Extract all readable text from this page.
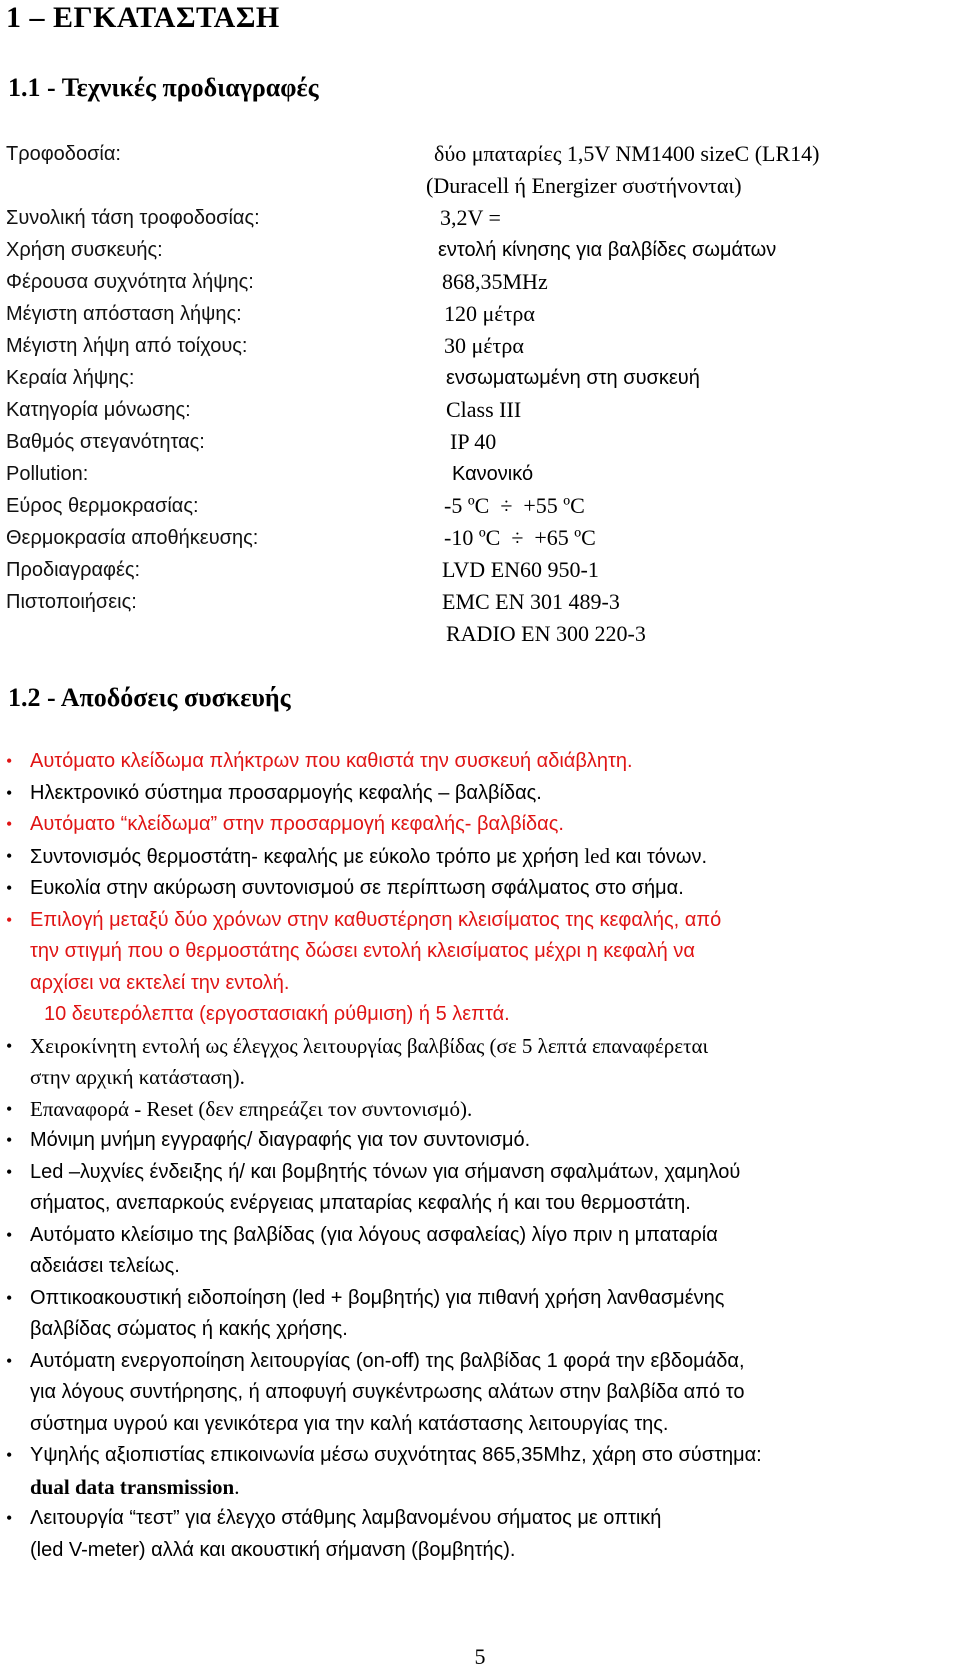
1 – ΕΓΚΑΤΑΣΤΑΣΗ
1.1 - Τεχνικές προδιαγραφές
Τροφοδοσία:	δύο μπαταρίες 1,5V NM1400 sizeC (LR14)
(Duracell ή Energizer συστήνονται)
Συνολική τάση τροφοδοσίας:	3,2V =
Χρήση συσκευής:	εντολή κίνησης για βαλβίδες σωμάτων
Φέρουσα συχνότητα λήψης:	868,35MHz
Μέγιστη απόσταση λήψης:	120 μέτρα
Μέγιστη λήψη από τοίχους:	30 μέτρα
Κεραία λήψης:	ενσωματωμένη στη συσκευή
Κατηγορία μόνωσης:	Class III
Βαθμός στεγανότητας:	IP 40
Pollution:	Κανονικό
Εύρος θερμοκρασίας:	-5 ºC  ÷  +55 ºC
Θερμοκρασία αποθήκευσης:	-10 ºC  ÷  +65 ºC
Προδιαγραφές:	LVD EN60 950-1
Πιστοποιήσεις:	EMC EN 301 489-3
RADIO EN 300 220-3
1.2 - Αποδόσεις συσκευής
• Αυτόματο κλείδωμα πλήκτρων που καθιστά την συσκευή αδιάβλητη.
• Ηλεκτρονικό σύστημα προσαρμογής κεφαλής – βαλβίδας.
• Αυτόματο “κλείδωμα” στην προσαρμογή κεφαλής- βαλβίδας.
• Συντονισμός θερμοστάτη- κεφαλής με εύκολο τρόπο με χρήση led και τόνων.
• Ευκολία στην ακύρωση συντονισμού σε περίπτωση σφάλματος στο σήμα.
• Επιλογή μεταξύ δύο χρόνων στην καθυστέρηση κλεισίματος της κεφαλής, από
την στιγμή που ο θερμοστάτης δώσει εντολή κλεισίματος μέχρι η κεφαλή να
αρχίσει να εκτελεί την εντολή.
10 δευτερόλεπτα (εργοστασιακή ρύθμιση) ή 5 λεπτά.
• Χειροκίνητη εντολή ως έλεγχος λειτουργίας βαλβίδας (σε 5 λεπτά επαναφέρεται
στην αρχική κατάσταση).
• Επαναφορά - Reset (δεν επηρεάζει τον συντονισμό).
• Μόνιμη μνήμη εγγραφής/ διαγραφής για τον συντονισμό.
• Led –λυχνίες ένδειξης ή/ και βομβητής τόνων για σήμανση σφαλμάτων, χαμηλού
σήματος, ανεπαρκούς ενέργειας μπαταρίας κεφαλής ή και του θερμοστάτη.
• Αυτόματο κλείσιμο της βαλβίδας (για λόγους ασφαλείας) λίγο πριν η μπαταρία
αδειάσει τελείως.
• Οπτικοακουστική ειδοποίηση (led + βομβητής) για πιθανή χρήση λανθασμένης
βαλβίδας σώματος ή κακής χρήσης.
• Αυτόματη ενεργοποίηση λειτουργίας (on-off) της βαλβίδας 1 φορά την εβδομάδα,
για λόγους συντήρησης, ή αποφυγή συγκέντρωσης αλάτων στην βαλβίδα από το
σύστημα υγρού και γενικότερα για την καλή κατάστασης λειτουργίας της.
• Υψηλής αξιοπιστίας επικοινωνία μέσω συχνότητας 865,35Mhz, χάρη στο σύστημα:
dual data transmission.
• Λειτουργία “τεστ” για έλεγχο στάθμης λαμβανομένου σήματος με οπτική
(led V-meter) αλλά και ακουστική σήμανση (βομβητής).
5
